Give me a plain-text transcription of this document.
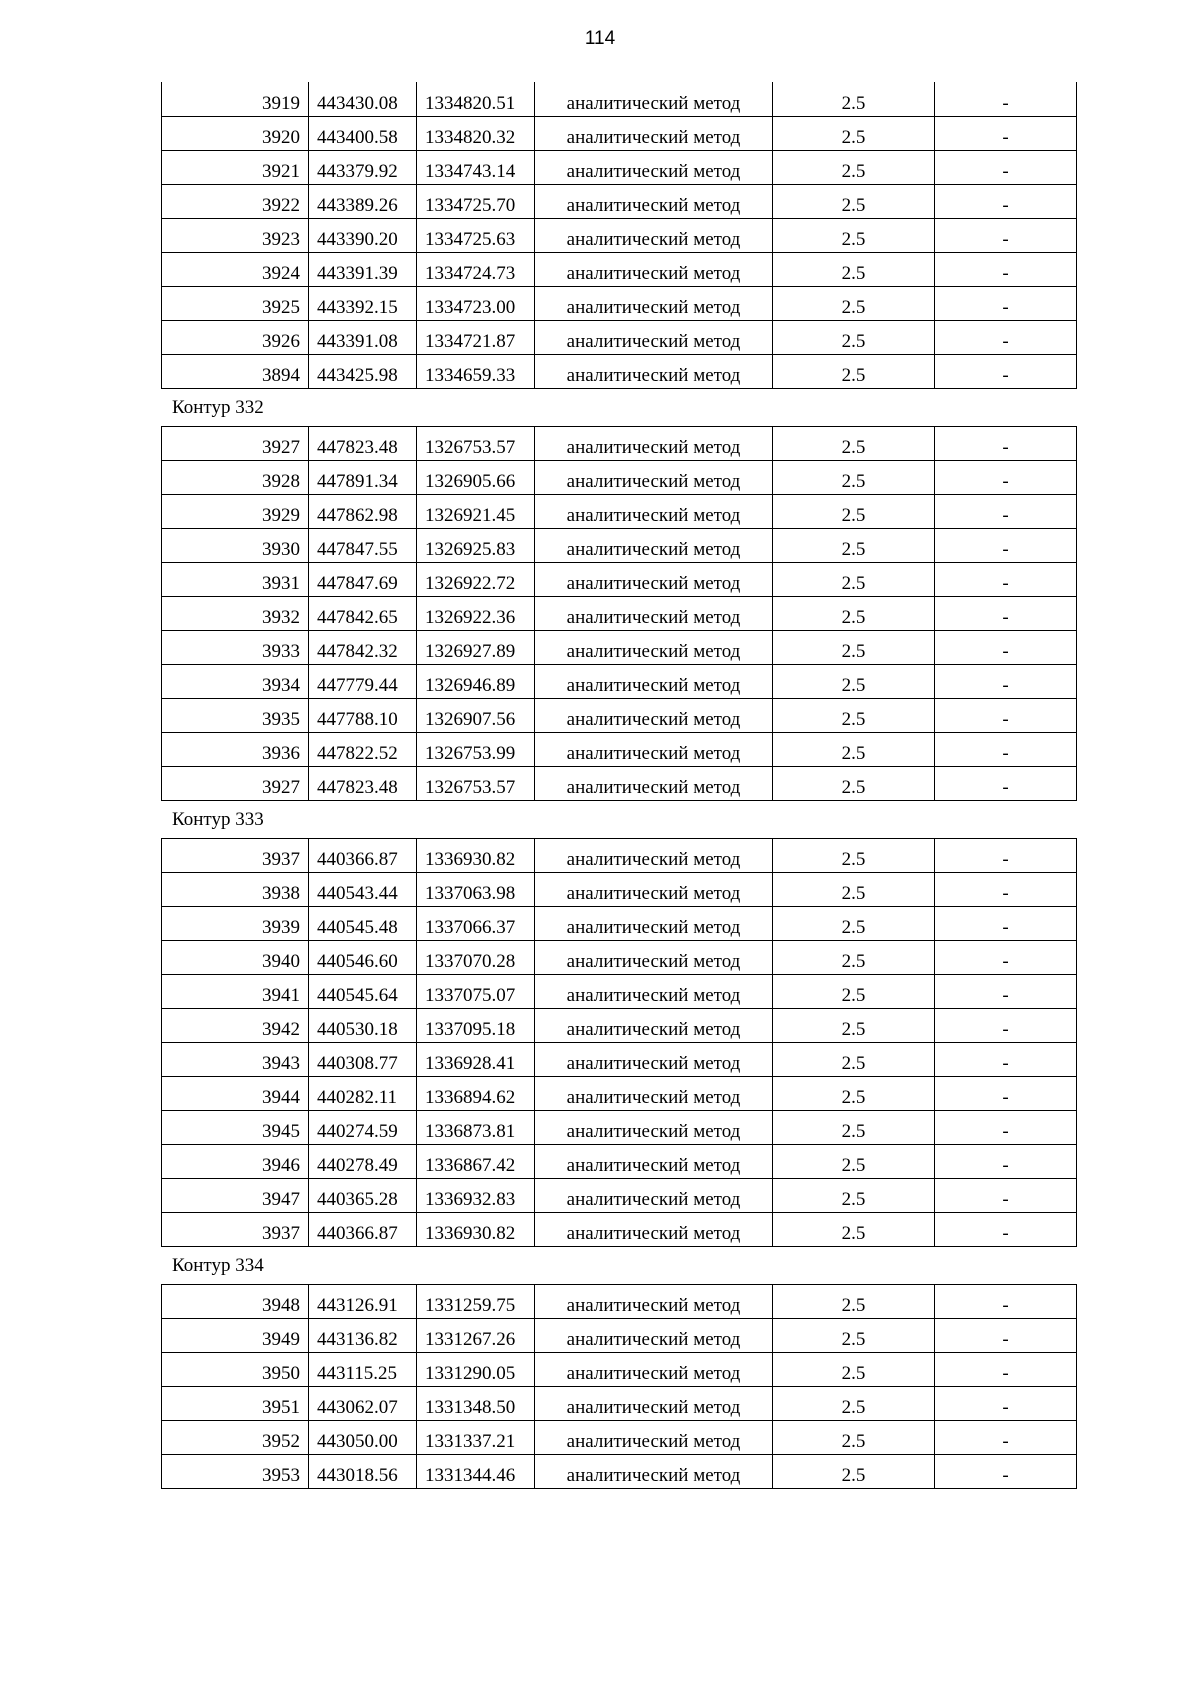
114
3919	443430.08	1334820.51	аналитический метод	2.5	-
3920	443400.58	1334820.32	аналитический метод	2.5	-
3921	443379.92	1334743.14	аналитический метод	2.5	-
3922	443389.26	1334725.70	аналитический метод	2.5	-
3923	443390.20	1334725.63	аналитический метод	2.5	-
3924	443391.39	1334724.73	аналитический метод	2.5	-
3925	443392.15	1334723.00	аналитический метод	2.5	-
3926	443391.08	1334721.87	аналитический метод	2.5	-
3894	443425.98	1334659.33	аналитический метод	2.5	-
Контур 332
3927	447823.48	1326753.57	аналитический метод	2.5	-
3928	447891.34	1326905.66	аналитический метод	2.5	-
3929	447862.98	1326921.45	аналитический метод	2.5	-
3930	447847.55	1326925.83	аналитический метод	2.5	-
3931	447847.69	1326922.72	аналитический метод	2.5	-
3932	447842.65	1326922.36	аналитический метод	2.5	-
3933	447842.32	1326927.89	аналитический метод	2.5	-
3934	447779.44	1326946.89	аналитический метод	2.5	-
3935	447788.10	1326907.56	аналитический метод	2.5	-
3936	447822.52	1326753.99	аналитический метод	2.5	-
3927	447823.48	1326753.57	аналитический метод	2.5	-
Контур 333
3937	440366.87	1336930.82	аналитический метод	2.5	-
3938	440543.44	1337063.98	аналитический метод	2.5	-
3939	440545.48	1337066.37	аналитический метод	2.5	-
3940	440546.60	1337070.28	аналитический метод	2.5	-
3941	440545.64	1337075.07	аналитический метод	2.5	-
3942	440530.18	1337095.18	аналитический метод	2.5	-
3943	440308.77	1336928.41	аналитический метод	2.5	-
3944	440282.11	1336894.62	аналитический метод	2.5	-
3945	440274.59	1336873.81	аналитический метод	2.5	-
3946	440278.49	1336867.42	аналитический метод	2.5	-
3947	440365.28	1336932.83	аналитический метод	2.5	-
3937	440366.87	1336930.82	аналитический метод	2.5	-
Контур 334
3948	443126.91	1331259.75	аналитический метод	2.5	-
3949	443136.82	1331267.26	аналитический метод	2.5	-
3950	443115.25	1331290.05	аналитический метод	2.5	-
3951	443062.07	1331348.50	аналитический метод	2.5	-
3952	443050.00	1331337.21	аналитический метод	2.5	-
3953	443018.56	1331344.46	аналитический метод	2.5	-
